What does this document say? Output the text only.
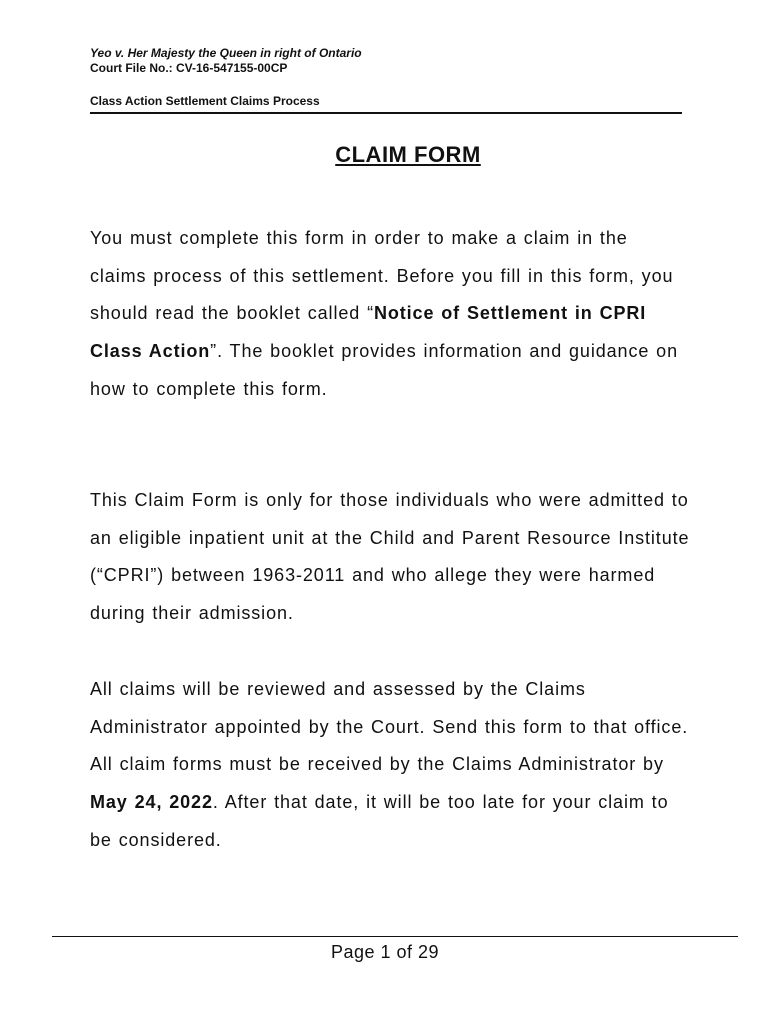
Yeo v. Her Majesty the Queen in right of Ontario
Court File No.: CV-16-547155-00CP
Class Action Settlement Claims Process
CLAIM FORM

You must complete this form in order to make a claim in the claims process of this settlement. Before you fill in this form, you should read the booklet called “Notice of Settlement in CPRI Class Action”. The booklet provides information and guidance on how to complete this form.

This Claim Form is only for those individuals who were admitted to an eligible inpatient unit at the Child and Parent Resource Institute (“CPRI”) between 1963-2011 and who allege they were harmed during their admission.

All claims will be reviewed and assessed by the Claims Administrator appointed by the Court. Send this form to that office. All claim forms must be received by the Claims Administrator by May 24, 2022. After that date, it will be too late for your claim to be considered.

Page 1 of 29
